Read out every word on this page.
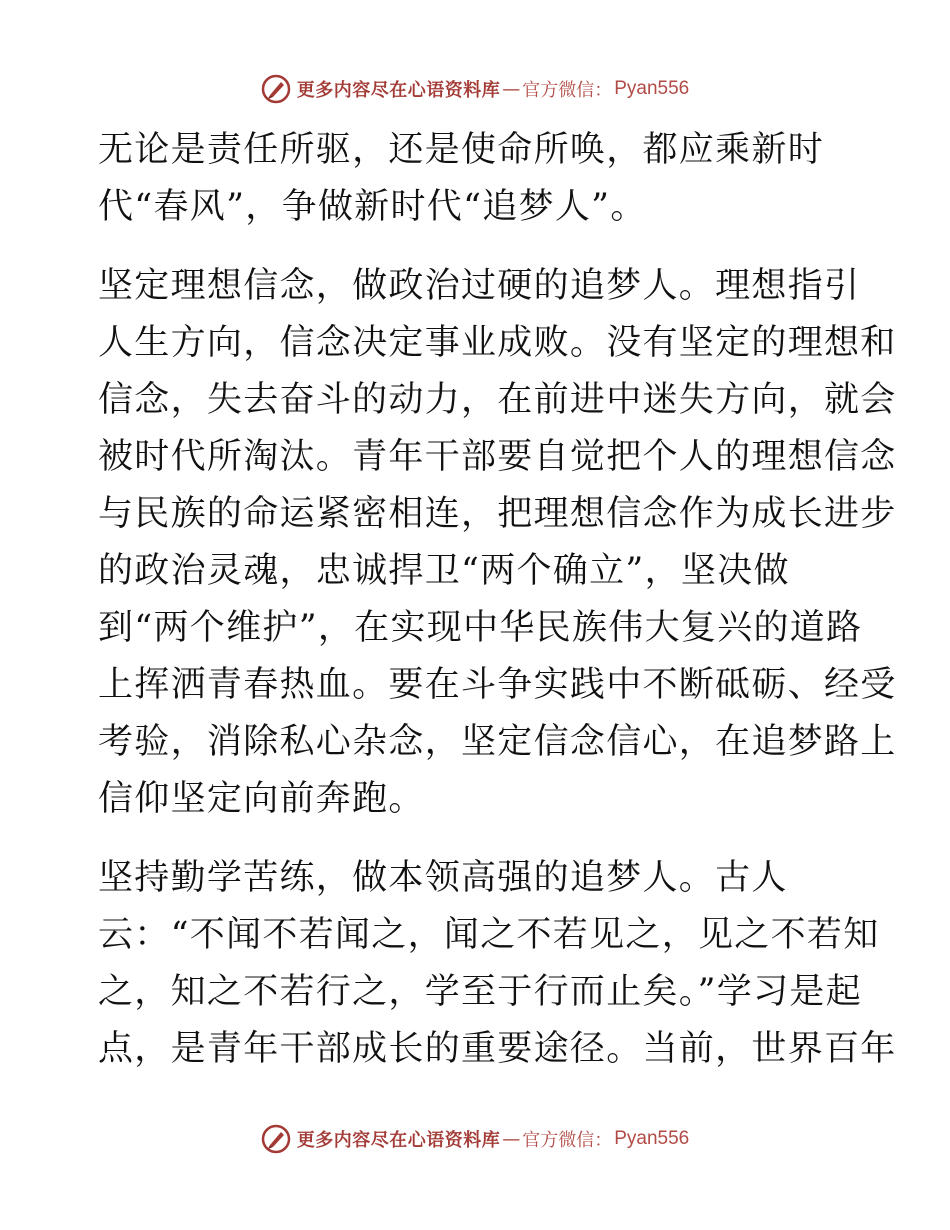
更多内容尽在心语资料库 — 官方微信： Pyan556
无论是责任所驱，还是使命所唤，都应乘新时
代“春风”，争做新时代“追梦人”。
坚定理想信念，做政治过硬的追梦人。理想指引
人生方向，信念决定事业成败。没有坚定的理想和
信念，失去奋斗的动力，在前进中迷失方向，就会
被时代所淘汰。青年干部要自觉把个人的理想信念
与民族的命运紧密相连，把理想信念作为成长进步
的政治灵魂，忠诚捍卫“两个确立”，坚决做
到“两个维护”，在实现中华民族伟大复兴的道路
上挥洒青春热血。要在斗争实践中不断砥砺、经受
考验，消除私心杂念，坚定信念信心，在追梦路上
信仰坚定向前奔跑。
坚持勤学苦练，做本领高强的追梦人。古人
云：“不闻不若闻之，闻之不若见之，见之不若知
之，知之不若行之，学至于行而止矣。”学习是起
点，是青年干部成长的重要途径。当前，世界百年
更多内容尽在心语资料库 — 官方微信： Pyan556
